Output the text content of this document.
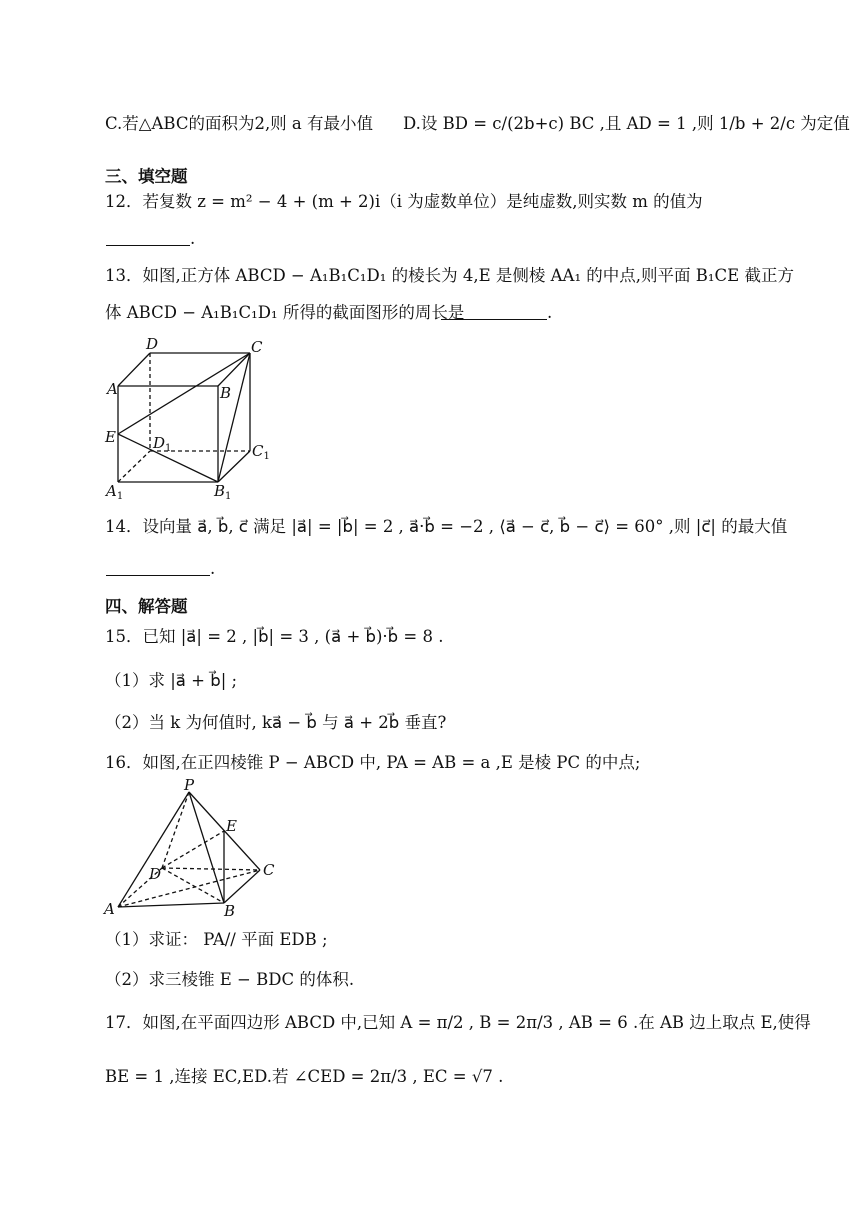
C.若△ABC的面积为2,则 a 有最小值 D.设 BD = c/(2b+c) BC ,且 AD = 1 ,则 1/b + 2/c 为定值
三、填空题
12．若复数 z = m² − 4 + (m + 2)i（i 为虚数单位）是纯虚数,则实数 m 的值为
.
13．如图,正方体 ABCD − A₁B₁C₁D₁ 的棱长为 4,E 是侧棱 AA₁ 的中点,则平面 B₁CE 截正方
体 ABCD − A₁B₁C₁D₁ 所得的截面图形的周长是	.
D	C
A	B
E $D_1$	$C_1$
$A_1$	$B_1$
14．设向量 a⃗, b⃗, c⃗ 满足 |a⃗| = |b⃗| = 2 , a⃗·b⃗ = −2 , ⟨a⃗ − c⃗, b⃗ − c⃗⟩ = 60° ,则 |c⃗| 的最大值
.
四、解答题
15．已知 |a⃗| = 2 , |b⃗| = 3 , (a⃗ + b⃗)·b⃗ = 8 .
（1）求 |a⃗ + b⃗| ;
（2）当 k 为何值时, ka⃗ − b⃗ 与 a⃗ + 2b⃗ 垂直?
16．如图,在正四棱锥 P − ABCD 中, PA = AB = a ,E 是棱 PC 的中点;
P
E
C
D
A	B
（1）求证： PA// 平面 EDB ;
（2）求三棱锥 E − BDC 的体积.
17．如图,在平面四边形 ABCD 中,已知 A = π/2 , B = 2π/3 , AB = 6 .在 AB 边上取点 E,使得
BE = 1 ,连接 EC,ED.若 ∠CED = 2π/3 , EC = √7 .
